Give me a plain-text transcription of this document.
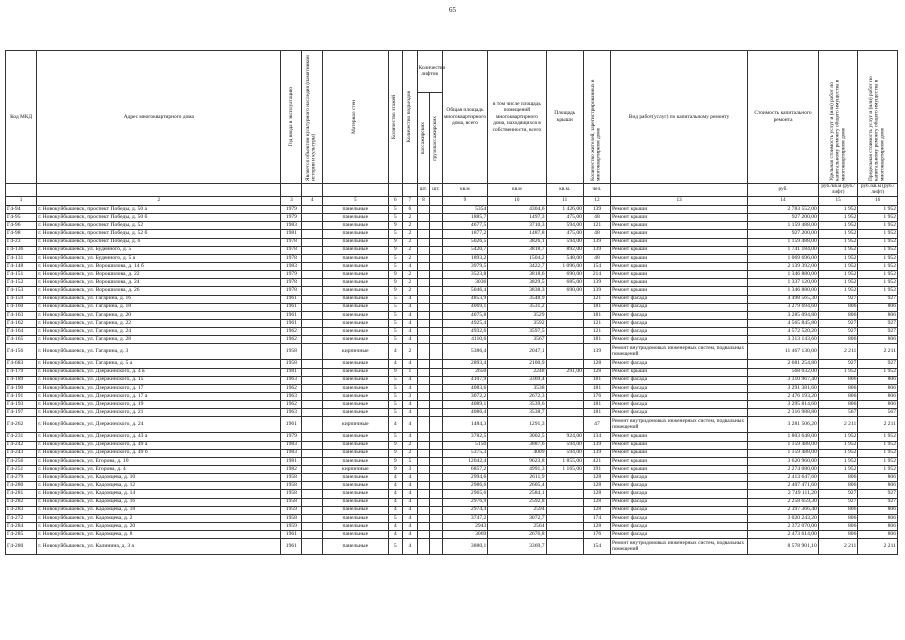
65
Код МКД	Адрес многоквартирного дома	Год ввода в эксплуатацию	Является объектом культурного наследия (памятником истории и культуры)	Материал стен	Количество этажей	Количество подъездов	Количество лифтов		Общая площадь многоквартирного дома, всего	в том числе площадь помещений многоквартирного дома, находящихся в собственности, всего	Площадь крыши	Количество жителей, зарегистрированных в многоквартирном доме	Вид работ(услуг) по капитальному ремонту	Стоимость капитального ремонта	Удельная стоимость услуг и (или) работ по капитальному ремонту общего имущества в многоквартирном доме	Предельная стоимость услуг и (или) работ по капитальному ремонту общего имущества в многоквартирном доме

							пассажирских	грузопассажирских								

							шт.	шт.	кв.м	кв.м	кв.м.	чел.		руб.	руб./кв.м (руб./лифт)	руб./кв.м (руб./лифт)
1	2	3	4	5	6	7	8		9	10	11	12	13	14	15	16
Г4-94	г. Новокуйбышевск, проспект Победы, д. 50 а	1979		панельные	5	6			5354	4304,6	1 426,00	139	Ремонт крыши	2 783 552,00	1 952	1 952
Г4-95	г. Новокуйбышевск, проспект Победы, д. 50 б	1979		панельные	5	2			1885,7	1497,3	475,00	48	Ремонт крыши	927 200,00	1 952	1 952
Г4-96	г. Новокуйбышевск, проспект Победы, д. 52	1983		панельные	9	2			4677,5	3710,3	594,00	121	Ремонт крыши	1 159 488,00	1 952	1 952
Г4-98	г. Новокуйбышевск, проспект Победы, д. 52 б	1981		панельные	5	2			1877,2	1487,8	475,00	48	Ремонт крыши	927 200,00	1 952	1 952
Г4-23	г. Новокуйбышевск, проспект Победы, д. 6	1978		панельные	9	2			5026,5	3826,1	594,00	139	Ремонт крыши	1 159 488,00	1 952	1 952
Г4-136	г. Новокуйбышевск, ул. Буденного, д. 5	1978		панельные	9	2			5420,7	3818,7	892,00	139	Ремонт крыши	1 741 184,00	1 952	1 952
Г4-131	г. Новокуйбышевск, ул. Буденного, д. 5 а	1978		панельные	5	2			1893,2	1504,2	548,00	48	Ремонт крыши	1 069 696,00	1 952	1 952
Г4-148	г. Новокуйбышевск, ул. Ворошилова, д. 14 б	1983		панельные	5	4			3979,5	3422,7	1 096,00	154	Ремонт крыши	2 139 392,00	1 952	1 952
Г4-151	г. Новокуйбышевск, ул. Ворошилова, д. 22	1979		панельные	9	2			3523,8	3818,6	690,00	214	Ремонт крыши	1 346 880,00	1 952	1 952
Г4-152	г. Новокуйбышевск, ул. Ворошилова, д. 24	1978		панельные	9	2			3036	3829,5	685,00	139	Ремонт крыши	1 337 120,00	1 952	1 952
Г4-153	г. Новокуйбышевск, ул. Ворошилова, д. 26	1978		панельные	9	2			5046,4	3838,3	690,00	139	Ремонт крыши	1 346 880,00	1 952	1 952
Г4-159	г. Новокуйбышевск, ул. Гагарина, д. 16	1961		панельные	5	4			4853,9	3548,9		121	Ремонт фасада	4 498 565,30	927	927
Г4-160	г. Новокуйбышевск, ул. Гагарина, д. 18	1961		панельные	5	4			4069,1	3531,2		181	Ремонт фасада	3 279 694,60	806	806
Г4-163	г. Новокуйбышевск, ул. Гагарина, д. 20	1961		панельные	5	4			4075,8	3529		181	Ремонт фасада	3 285 094,80	806	806
Г4-162	г. Новокуйбышевск, ул. Гагарина, д. 22	1961		панельные	5	4			4925,4	3592		121	Ремонт фасада	4 565 845,80	927	927
Г4-164	г. Новокуйбышевск, ул. Гагарина, д. 24	1962		панельные	5	4			4932,6	3597,5		121	Ремонт фасада	4 572 520,20	927	927
Г4-165	г. Новокуйбышевск, ул. Гагарина, д. 28	1962		панельные	5	4			4110,6	3567		181	Ремонт фасада	3 313 143,60	806	806
Г4-156	г. Новокуйбышевск, ул. Гагарина, д. 3	1958		кирпичные	4	2			5386,4	2047,1		139	Ремонт внутридомовых инженерных систем, подвальных помещений	11 467 130,00	2 211	2 211
Г4-683	г. Новокуйбышевск, ул. Гагарина, д. 5 а	1958		панельные	4	4			2893,4	2100,9		128	Ремонт фасада	2 681 254,80	927	927
Г4-179	г. Новокуйбышевск, ул. Дзержинского, д. 4 в	1981		панельные	9	1			2650	2248	291,00	128	Ремонт крыши	568 032,00	1 952	1 952
Г4-189	г. Новокуйбышевск, ул. Дзержинского, д. 15	1963		панельные	5	4			4107,9	3369,4		181	Ремонт фасада	3 310 967,40	806	806
Г4-190	г. Новокуйбышевск, ул. Дзержинского, д. 17	1962		панельные	5	4			4083,6	3538		181	Ремонт фасада	3 291 381,60	806	806
Г4-191	г. Новокуйбышевск, ул. Дзержинского, д. 17 а	1963		панельные	5	3			3072,2	2672,3		176	Ремонт фасада	2 476 193,20	806	806
Г4-193	г. Новокуйбышевск, ул. Дзержинского, д. 19	1962		панельные	5	4			4089,1	3539,6		181	Ремонт фасада	3 295 814,60	806	806
Г4-197	г. Новокуйбышевск, ул. Дзержинского, д. 21	1963		панельные	5	4			4086,4	3538,7		181	Ремонт фасада	2 316 988,80	567	567
Г4-262	г. Новокуйбышевск, ул. Дзержинского, д. 24	1961		кирпичные	4	4			1484,3	1291,3		47	Ремонт внутридомовых инженерных систем, подвальных помещений	3 281 506,20	2 211	2 211
Г4-231	г. Новокуйбышевск, ул. Дзержинского, д. 43 а	1979		панельные	5	4			3782,5	3002,5	924,00	134	Ремонт крыши	1 803 648,00	1 952	1 952
Г4-242	г. Новокуйбышевск, ул. Дзержинского, д. 49 а	1983		панельные	9	2			5150	3887,6	594,00	139	Ремонт крыши	1 159 488,00	1 952	1 952
Г4-243	г. Новокуйбышевск, ул. Дзержинского, д. 49 б	1983		панельные	9	2			5375,3	4009	594,00	139	Ремонт крыши	1 159 488,00	1 952	1 952
Г4-256	г. Новокуйбышевск, ул. Егорова, д. 10	1981		панельные	9	5			12042,4	9623,8	1 855,00	421	Ремонт крыши	3 620 960,00	1 952	1 952
Г4-251	г. Новокуйбышевск, ул. Егорова, д. 4	1982		кирпичные	9	3			6857,2	4991,3	1 165,00	191	Ремонт крыши	2 274 080,00	1 952	1 952
Г4-279	г. Новокуйбышевск, ул. Кадомцева, д. 10	1958		панельные	4	4			2994,6	2611,9		128	Ремонт фасада	2 413 647,60	806	806
Г4-280	г. Новокуйбышевск, ул. Кадомцева, д. 12	1958		панельные	4	4			2986,6	2605,4		128	Ремонт фасада	2 407 471,60	806	806
Г4-281	г. Новокуйбышевск, ул. Кадомцева, д. 14	1958		панельные	4	4			2965,6	2584,1		128	Ремонт фасада	2 749 111,20	927	927
Г4-282	г. Новокуйбышевск, ул. Кадомцева, д. 16	1958		панельные	4	4			2976,9	2592,8		128	Ремонт фасада	2 258 659,30	927	927
Г4-283	г. Новокуйбышевск, ул. Кадомцева, д. 18	1959		панельные	4	4			2974,4	2594		128	Ремонт фасада	2 397 366,40	806	806
Г4-272	г. Новокуйбышевск, ул. Кадомцева, д. 2	1958		панельные	5	4			3747,2	3072,7		174	Ремонт фасада	3 020 243,20	806	806
Г4-284	г. Новокуйбышевск, ул. Кадомцева, д. 20	1959		панельные	4	4			2943	2564		128	Ремонт фасада	2 372 070,00	806	806
Г4-285	г. Новокуйбышевск, ул. Кадомцева, д. 8	1961		панельные	4	4			3069	2676,8		176	Ремонт фасада	2 473 614,00	806	806
Г4-280	г. Новокуйбышевск, ул. Калинина, д. 3 а	1961		панельные	5	4			3880,1	3369,7		154	Ремонт внутридомовых инженерных систем, подвальных помещений	8 578 901,10	2 211	2 211
